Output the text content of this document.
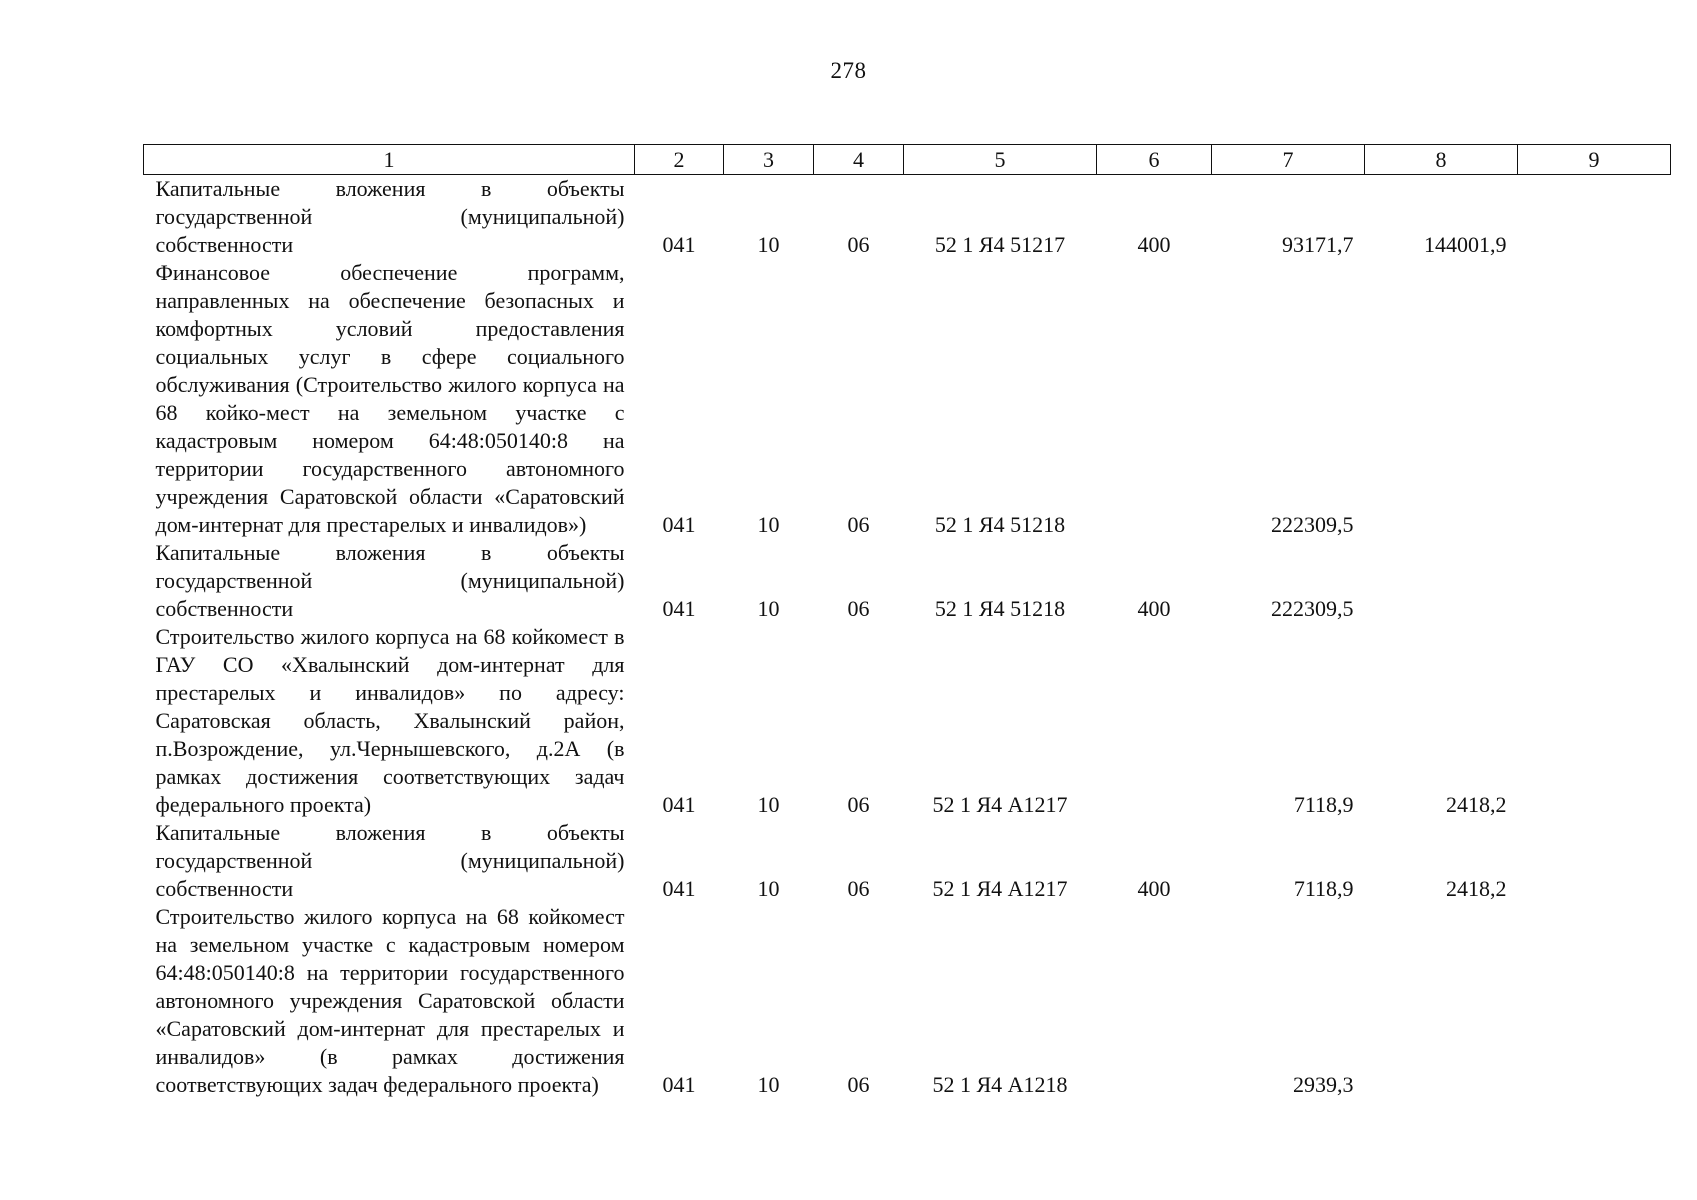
278
1	2	3	4	5	6	7	8	9
Капитальные вложения в объекты государственной (муниципальной) собственности	041	10	06	52 1 Я4 51217	400	93171,7	144001,9	
Финансовое обеспечение программ, направленных на обеспечение безопасных и комфортных условий предоставления социальных услуг в сфере социального обслуживания (Строительство жилого корпуса на 68 койко-мест на земельном участке с кадастровым номером 64:48:050140:8 на территории государственного автономного учреждения Саратовской области «Саратовский дом-интернат для престарелых и инвалидов»)	041	10	06	52 1 Я4 51218		222309,5		
Капитальные вложения в объекты государственной (муниципальной) собственности	041	10	06	52 1 Я4 51218	400	222309,5		
Строительство жилого корпуса на 68 койкомест в ГАУ СО «Хвалынский дом-интернат для престарелых и инвалидов» по адресу: Саратовская область, Хвалынский район, п.Возрождение, ул.Чернышевского, д.2А (в рамках достижения соответствующих задач федерального проекта)	041	10	06	52 1 Я4 А1217		7118,9	2418,2	
Капитальные вложения в объекты государственной (муниципальной) собственности	041	10	06	52 1 Я4 А1217	400	7118,9	2418,2	
Строительство жилого корпуса на 68 койкомест на земельном участке с кадастровым номером 64:48:050140:8 на территории государственного автономного учреждения Саратовской области «Саратовский дом-интернат для престарелых и инвалидов» (в рамках достижения соответствующих задач федерального проекта)	041	10	06	52 1 Я4 А1218		2939,3		
